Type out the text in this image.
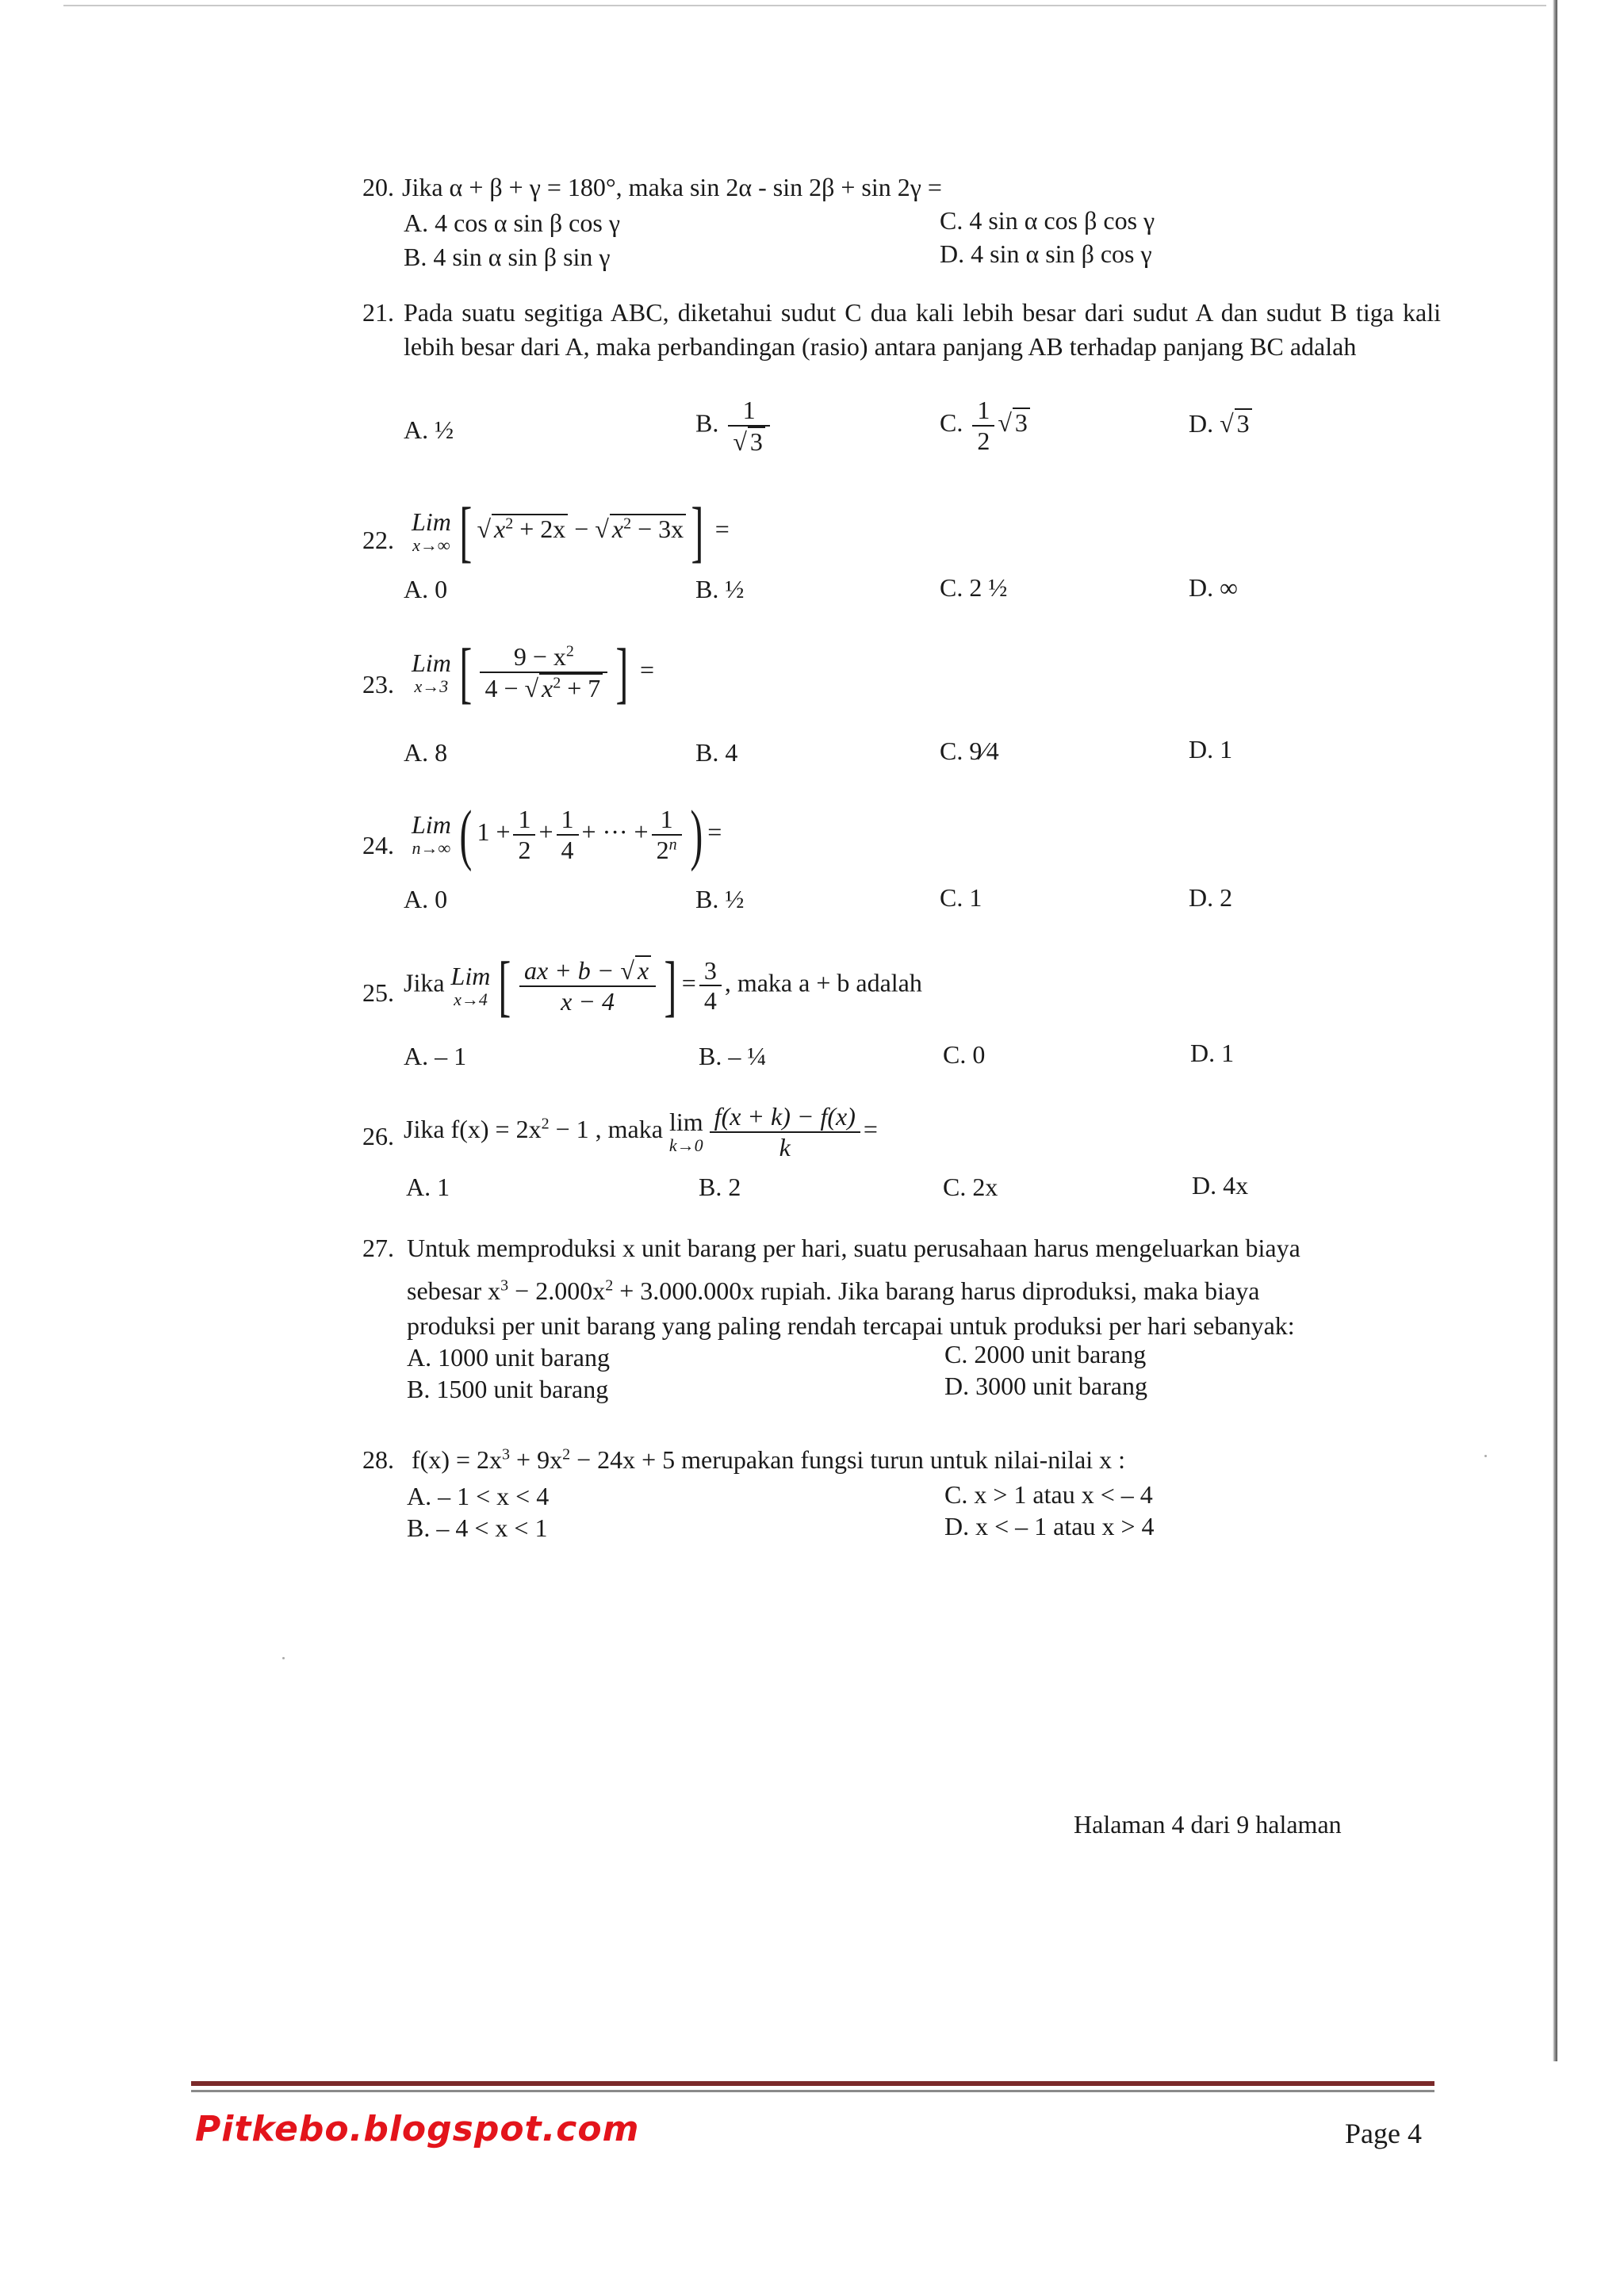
20. Jika α + β + γ = 180°, maka sin 2α - sin 2β + sin 2γ =
A. 4 cos α sin β cos γ
B. 4 sin α sin β sin γ
C. 4 sin α cos β cos γ
D. 4 sin α sin β cos γ
21. Pada suatu segitiga ABC, diketahui sudut C dua kali lebih besar dari sudut A dan sudut B tiga kali lebih besar dari A, maka perbandingan (rasio) antara panjang AB terhadap panjang BC adalah
A. ½	B. $\frac{1}{√ 3}$	C. $\frac{1}{2}$ √ 3	D. √ 3
22.
Lim
x→∞ [ √ $x^2 + 2x$ − √ $x^2 - 3x$ ] =
A. 0	B. ½	C. 2 ½	D. ∞
23.
Lim
x→3 [ $\frac{9 - x^2}{4 - √ x^2 + 7}$ ] =
A. 8	B. 4	C. 9⁄4	D. 1
24.
Lim
n→∞ ( $1 + \frac{1}{2} + \frac{1}{4}$ + ··· + $\frac{1}{2^n}$ ) =
A. 0	B. ½	C. 1	D. 2
25. Jika Lim
x→4 [ $\frac{ax + b - √ x}{x - 4}$ ] = $\frac{3}{4}$ , maka a + b adalah
A. – 1	B. – ¼	C. 0	D. 1
26. Jika $f(x) = 2x^2 - 1$ , maka lim
$k\to 0 \frac{f(x + k) - f(x)}{k}$ =
A. 1	B. 2	C. 2x	D. 4x
27. Untuk memproduksi x unit barang per hari, suatu perusahaan harus mengeluarkan biaya
sebesar $x^3 - 2.000x^2 + 3.000.000x$ rupiah. Jika barang harus diproduksi, maka biaya
produksi per unit barang yang paling rendah tercapai untuk produksi per hari sebanyak:
A. 1000 unit barang
B. 1500 unit barang
C. 2000 unit barang
D. 3000 unit barang
28. $f(x) = 2x^3 + 9x^2 - 24x + 5$ merupakan fungsi turun untuk nilai-nilai x :
A. – 1 < x < 4
B. – 4 < x < 1
C. x > 1 atau x < – 4
D. x < – 1 atau x > 4
Halaman 4 dari 9 halaman
Pitkebo.blogspot.com	Page 4
